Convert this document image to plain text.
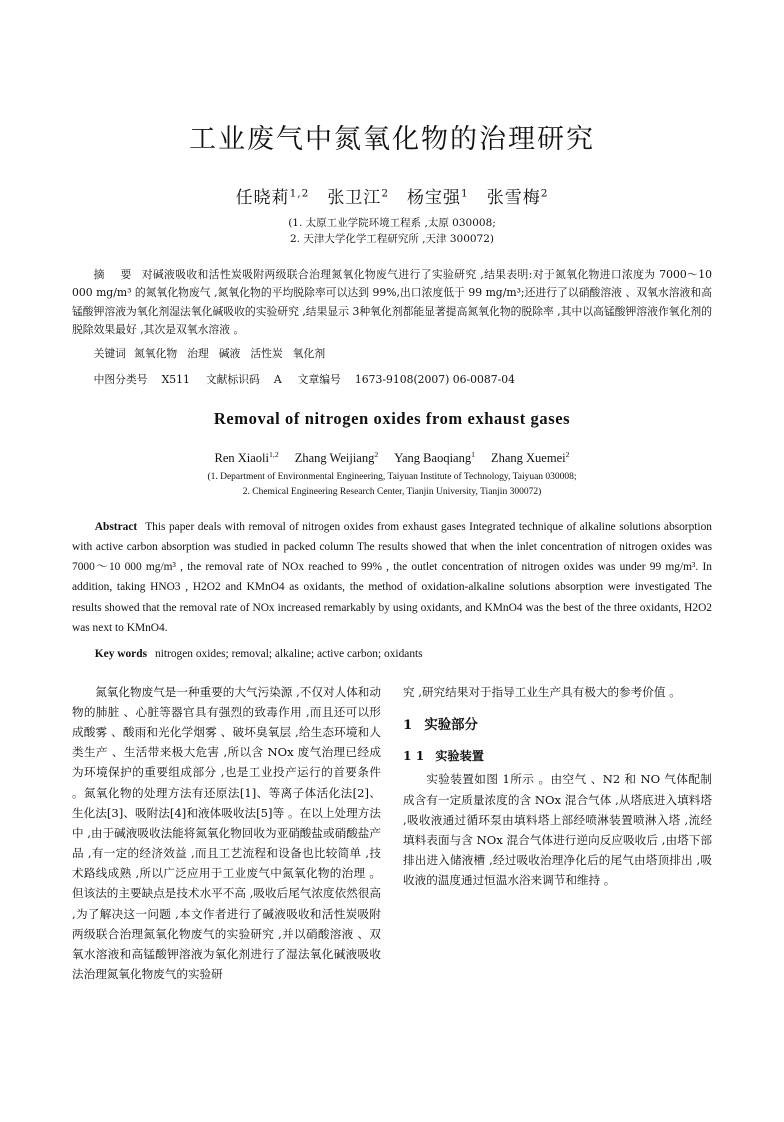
工业废气中氮氧化物的治理研究
任晓莉$^{1,2}$ 张卫江$^2$ 杨宝强$^1$ 张雪梅$^2$
(1. 太原工业学院环境工程系 ,太原 030008;
2. 天津大学化学工程研究所 ,天津 300072)
摘 要 对碱液吸收和活性炭吸附两级联合治理氮氧化物废气进行了实验研究 ,结果表明:对于氮氧化物进口浓度为 7000～10 000 mg/m³ 的氮氧化物废气 ,氮氧化物的平均脱除率可以达到 99%,出口浓度低于 99 mg/m³;还进行了以硝酸溶液 、双氧水溶液和高锰酸钾溶液为氧化剂湿法氧化碱吸收的实验研究 ,结果显示 3种氧化剂都能显著提高氮氧化物的脱除率 ,其中以高锰酸钾溶液作氧化剂的脱除效果最好 ,其次是双氧水溶液 。
关键词 氮氧化物 治理 碱液 活性炭 氧化剂
中图分类号 X511 文献标识码 A 文章编号 1673-9108(2007) 06-0087-04
Removal of nitrogen oxides from exhaust gases
Ren Xiaoli$^{1,2}$ Zhang Weijiang$^2$ Yang Baoqiang$^1$ Zhang Xuemei$^2$
(1. Department of Environmental Engineering, Taiyuan Institute of Technology, Taiyuan 030008;
2. Chemical Engineering Research Center, Tianjin University, Tianjin 300072)
Abstract This paper deals with removal of nitrogen oxides from exhaust gases Integrated technique of alkaline solutions absorption with active carbon absorption was studied in packed column The results showed that when the inlet concentration of nitrogen oxides was 7000～10 000 mg/m³ , the removal rate of NOx reached to 99% , the outlet concentration of nitrogen oxides was under 99 mg/m³. In addition, taking HNO3 , H2O2 and KMnO4 as oxidants, the method of oxidation-alkaline solutions absorption were investigated The results showed that the removal rate of NOx increased remarkably by using oxidants, and KMnO4 was the best of the three oxidants, H2O2 was next to KMnO4.
Key words nitrogen oxides; removal; alkaline; active carbon; oxidants

氮氧化物废气是一种重要的大气污染源 ,不仅对人体和动物的肺脏 、心脏等器官具有强烈的致毒作用 ,而且还可以形成酸雾 、酸雨和光化学烟雾 、破坏臭氧层 ,给生态环境和人类生产 、生活带来极大危害 ,所以含 NOx 废气治理已经成为环境保护的重要组成部分 ,也是工业投产运行的首要条件 。氮氧化物的处理方法有还原法[1]、等离子体活化法[2]、生化法[3]、吸附法[4]和液体吸收法[5]等 。在以上处理方法中 ,由于碱液吸收法能将氮氧化物回收为亚硝酸盐或硝酸盐产品 ,有一定的经济效益 ,而且工艺流程和设备也比较简单 ,技术路线成熟 ,所以广泛应用于工业废气中氮氧化物的治理 。但该法的主要缺点是技术水平不高 ,吸收后尾气浓度依然很高 ,为了解决这一问题 ,本文作者进行了碱液吸收和活性炭吸附两级联合治理氮氧化物废气的实验研究 ,并以硝酸溶液 、双氧水溶液和高锰酸钾溶液为氧化剂进行了湿法氧化碱液吸收法治理氮氧化物废气的实验研

究 ,研究结果对于指导工业生产具有极大的参考价值 。

1 实验部分
1 1 实验装置

实验装置如图 1所示 。由空气 、N2 和 NO 气体配制成含有一定质量浓度的含 NOx 混合气体 ,从塔底进入填料塔 ,吸收液通过循环泵由填料塔上部经喷淋装置喷淋入塔 ,流经填料表面与含 NOx 混合气体进行逆向反应吸收后 ,由塔下部排出进入储液槽 ,经过吸收治理净化后的尾气由塔顶排出 ,吸收液的温度通过恒温水浴来调节和维持 。
